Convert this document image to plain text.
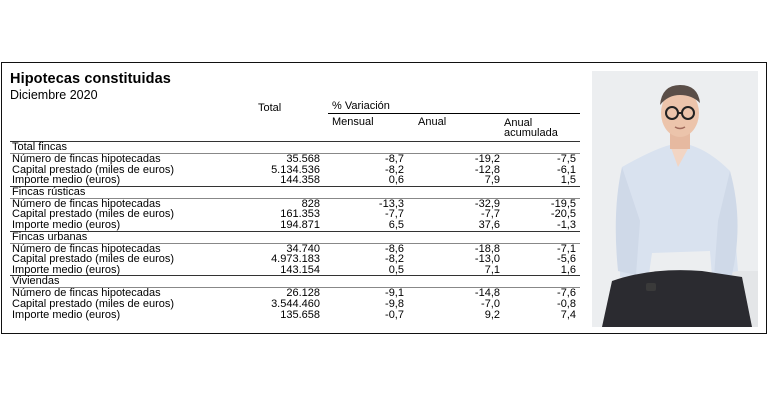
Hipotecas constituidas
Diciembre 2020
Total	% Variación
Mensual	Anual	Anual
acumulada
Total fincas
Número de fincas hipotecadas	35.568	-8,7	-19,2	-7,5
Capital prestado (miles de euros)	5.134.536	-8,2	-12,8	-6,1
Importe medio (euros)	144.358	0,6	7,9	1,5
Fincas rústicas
Número de fincas hipotecadas	828	-13,3	-32,9	-19,5
Capital prestado (miles de euros)	161.353	-7,7	-7,7	-20,5
Importe medio (euros)	194.871	6,5	37,6	-1,3
Fincas urbanas
Número de fincas hipotecadas	34.740	-8,6	-18,8	-7,1
Capital prestado (miles de euros)	4.973.183	-8,2	-13,0	-5,6
Importe medio (euros)	143.154	0,5	7,1	1,6
Viviendas
Número de fincas hipotecadas	26.128	-9,1	-14,8	-7,6
Capital prestado (miles de euros)	3.544.460	-9,8	-7,0	-0,8
Importe medio (euros)	135.658	-0,7	9,2	7,4
